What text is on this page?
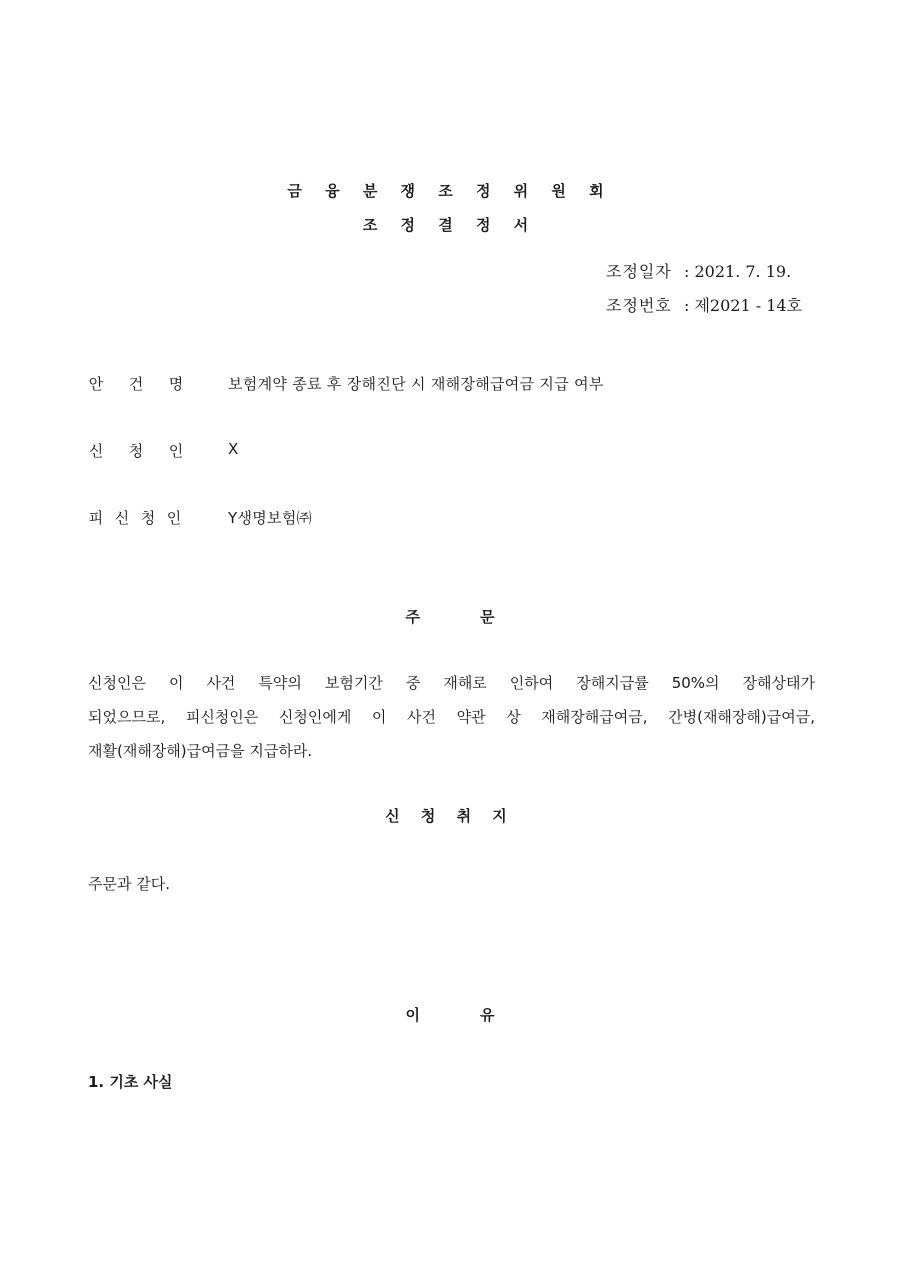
금 융 분 쟁 조 정 위 원 회
조 정 결 정 서
조정일자 : 2021. 7. 19.
조정번호 : 제2021 - 14호
안 건 명	보험계약 종료 후 장해진단 시 재해장해급여금 지급 여부
신 청 인	X
피 신 청 인	Y생명보험㈜
주	문
신청인은 이 사건 특약의 보험기간 중 재해로 인하여 장해지급률 50%의 장해상태가
되었으므로, 피신청인은 신청인에게 이 사건 약관 상 재해장해급여금, 간병(재해장해)급여금,
재활(재해장해)급여금을 지급하라.
신 청 취 지
주문과 같다.
이	유
1. 기초 사실
